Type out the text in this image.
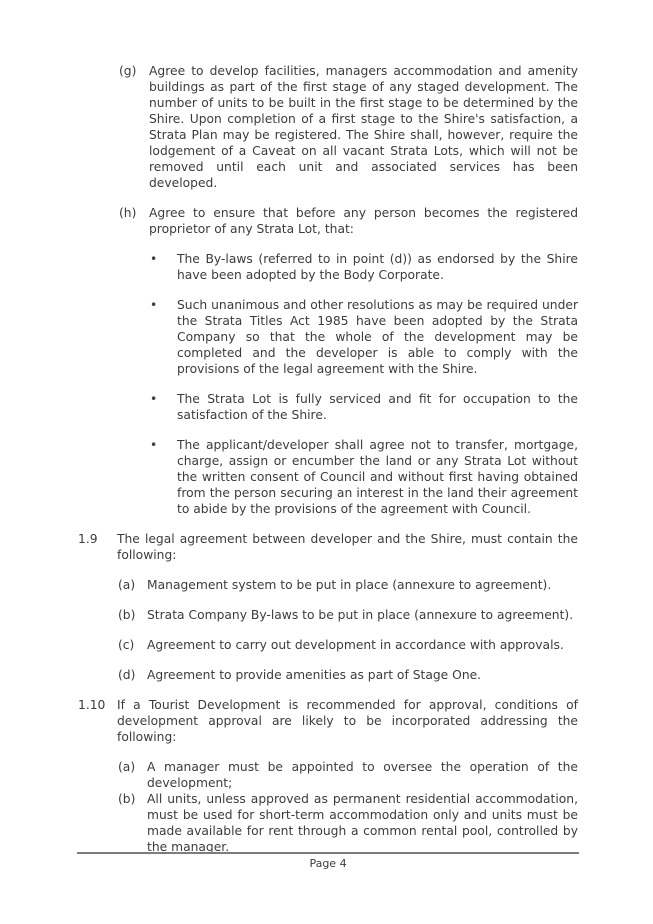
(g)	Agree to develop facilities, managers accommodation and amenity buildings as part of the first stage of any staged development. The number of units to be built in the first stage to be determined by the Shire. Upon completion of a first stage to the Shire's satisfaction, a Strata Plan may be registered. The Shire shall, however, require the lodgement of a Caveat on all vacant Strata Lots, which will not be removed until each unit and associated services has been developed.
(h)	Agree to ensure that before any person becomes the registered proprietor of any Strata Lot, that:
•	The By-laws (referred to in point (d)) as endorsed by the Shire have been adopted by the Body Corporate.
•	Such unanimous and other resolutions as may be required under the Strata Titles Act 1985 have been adopted by the Strata Company so that the whole of the development may be completed and the developer is able to comply with the provisions of the legal agreement with the Shire.
•	The Strata Lot is fully serviced and fit for occupation to the satisfaction of the Shire.
•	The applicant/developer shall agree not to transfer, mortgage, charge, assign or encumber the land or any Strata Lot without the written consent of Council and without first having obtained from the person securing an interest in the land their agreement to abide by the provisions of the agreement with Council.
1.9	The legal agreement between developer and the Shire, must contain the following:
(a) Management system to be put in place (annexure to agreement).
(b) Strata Company By-laws to be put in place (annexure to agreement).
(c)	Agreement to carry out development in accordance with approvals.
(d) Agreement to provide amenities as part of Stage One.
1.10 If a Tourist Development is recommended for approval, conditions of development approval are likely to be incorporated addressing the following:
(a) A manager must be appointed to oversee the operation of the development;
(b) All units, unless approved as permanent residential accommodation, must be used for short-term accommodation only and units must be made available for rent through a common rental pool, controlled by the manager.
Page 4
